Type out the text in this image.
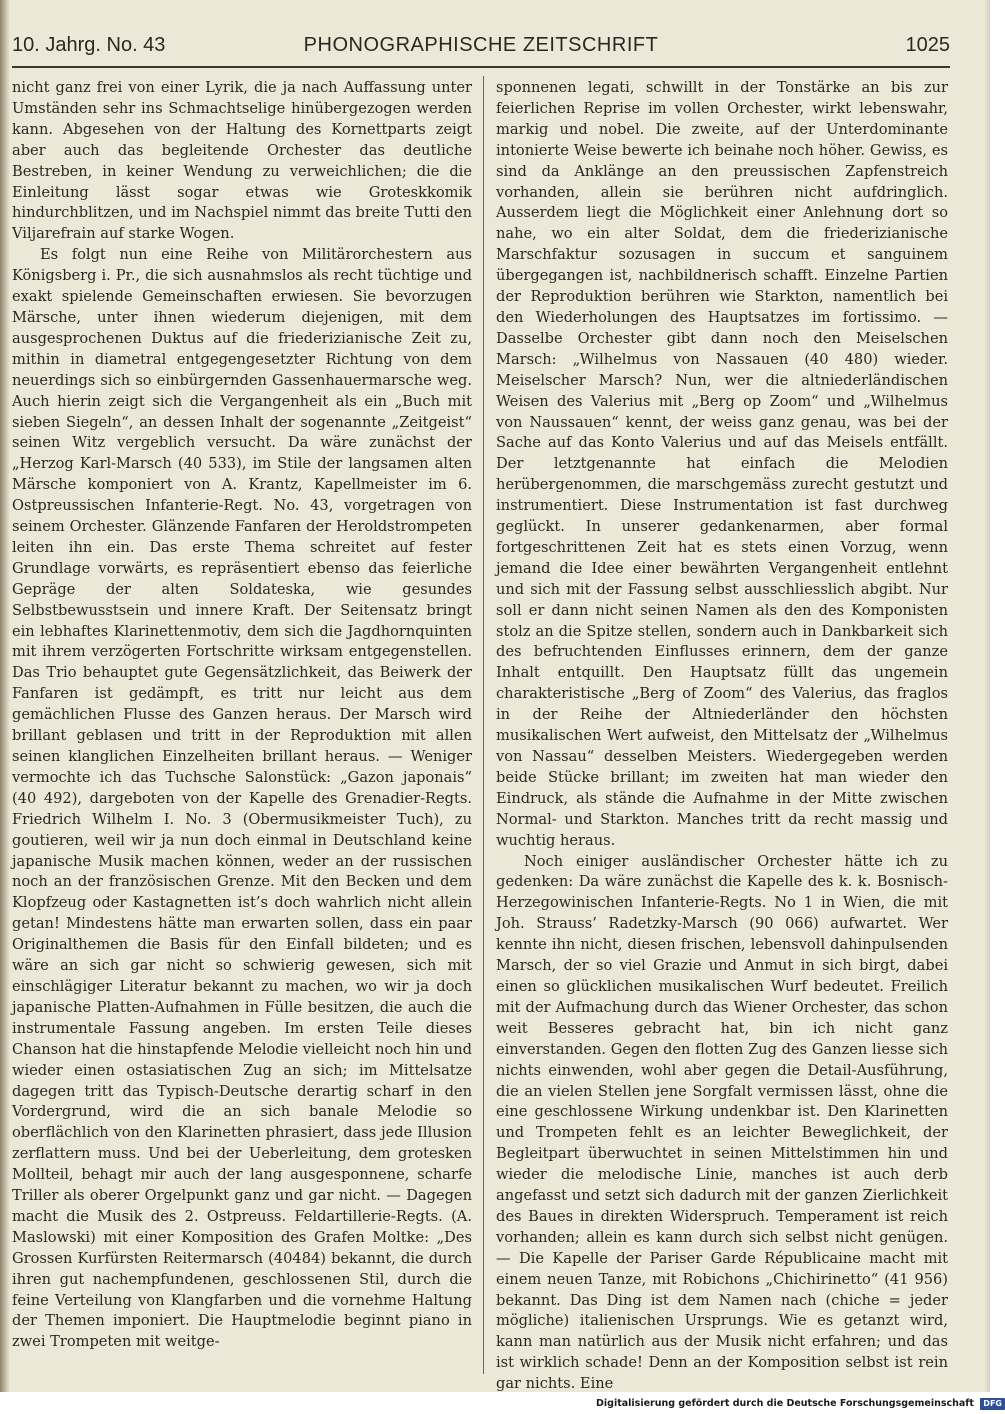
10. Jahrg. No. 43	PHONOGRAPHISCHE ZEITSCHRIFT	1025

nicht ganz frei von einer Lyrik, die ja nach Auffassung unter Umständen sehr ins Schmachtselige hinübergezogen werden kann. Abgesehen von der Haltung des Kornettparts zeigt aber auch das begleitende Orchester das deutliche Bestreben, in keiner Wendung zu verweichlichen; die die Einleitung lässt sogar etwas wie Groteskkomik hindurchblitzen, und im Nachspiel nimmt das breite Tutti den Viljarefrain auf starke Wogen.

Es folgt nun eine Reihe von Militärorchestern aus Königsberg i. Pr., die sich ausnahmslos als recht tüchtige und exakt spielende Gemeinschaften erwiesen. Sie bevorzugen Märsche, unter ihnen wiederum diejenigen, mit dem ausgesprochenen Duktus auf die friederizianische Zeit zu, mithin in diametral entgegengesetzter Richtung von dem neuerdings sich so einbürgernden Gassenhauermarsche weg. Auch hierin zeigt sich die Vergangenheit als ein „Buch mit sieben Siegeln“, an dessen Inhalt der sogenannte „Zeitgeist“ seinen Witz vergeblich versucht. Da wäre zunächst der „Herzog Karl-Marsch (40 533), im Stile der langsamen alten Märsche komponiert von A. Krantz, Kapellmeister im 6. Ostpreussischen Infanterie-Regt. No. 43, vorgetragen von seinem Orchester. Glänzende Fanfaren der Heroldstrompeten leiten ihn ein. Das erste Thema schreitet auf fester Grundlage vorwärts, es repräsentiert ebenso das feierliche Gepräge der alten Soldateska, wie gesundes Selbstbewusstsein und innere Kraft. Der Seitensatz bringt ein lebhaftes Klarinettenmotiv, dem sich die Jagdhornquinten mit ihrem verzögerten Fortschritte wirksam entgegenstellen. Das Trio behauptet gute Gegensätzlichkeit, das Beiwerk der Fanfaren ist gedämpft, es tritt nur leicht aus dem gemächlichen Flusse des Ganzen heraus. Der Marsch wird brillant geblasen und tritt in der Reproduktion mit allen seinen klanglichen Einzelheiten brillant heraus. — Weniger vermochte ich das Tuchsche Salonstück: „Gazon japonais“ (40 492), dargeboten von der Kapelle des Grenadier-Regts. Friedrich Wilhelm I. No. 3 (Obermusikmeister Tuch), zu goutieren, weil wir ja nun doch einmal in Deutschland keine japanische Musik machen können, weder an der russischen noch an der französischen Grenze. Mit den Becken und dem Klopfzeug oder Kastagnetten ist’s doch wahrlich nicht allein getan! Mindestens hätte man erwarten sollen, dass ein paar Originalthemen die Basis für den Einfall bildeten; und es wäre an sich gar nicht so schwierig gewesen, sich mit einschlägiger Literatur bekannt zu machen, wo wir ja doch japanische Platten-Aufnahmen in Fülle besitzen, die auch die instrumentale Fassung angeben. Im ersten Teile dieses Chanson hat die hinstapfende Melodie vielleicht noch hin und wieder einen ostasiatischen Zug an sich; im Mittelsatze dagegen tritt das Typisch-Deutsche derartig scharf in den Vordergrund, wird die an sich banale Melodie so oberflächlich von den Klarinetten phrasiert, dass jede Illusion zerflattern muss. Und bei der Ueberleitung, dem grotesken Mollteil, behagt mir auch der lang ausgesponnene, scharfe Triller als oberer Orgelpunkt ganz und gar nicht. — Dagegen macht die Musik des 2. Ostpreuss. Feldartillerie-Regts. (A. Maslowski) mit einer Komposition des Grafen Moltke: „Des Grossen Kurfürsten Reitermarsch (40484) bekannt, die durch ihren gut nachempfundenen, geschlossenen Stil, durch die feine Verteilung von Klangfarben und die vornehme Haltung der Themen imponiert. Die Hauptmelodie beginnt piano in zwei Trompeten mit weitge-

sponnenen legati, schwillt in der Tonstärke an bis zur feierlichen Reprise im vollen Orchester, wirkt lebenswahr, markig und nobel. Die zweite, auf der Unterdominante intonierte Weise bewerte ich beinahe noch höher. Gewiss, es sind da Anklänge an den preussischen Zapfenstreich vorhanden, allein sie berühren nicht aufdringlich. Ausserdem liegt die Möglichkeit einer Anlehnung dort so nahe, wo ein alter Soldat, dem die friederizianische Marschfaktur sozusagen in succum et sanguinem übergegangen ist, nachbildnerisch schafft. Einzelne Partien der Reproduktion berühren wie Starkton, namentlich bei den Wiederholungen des Hauptsatzes im fortissimo. — Dasselbe Orchester gibt dann noch den Meiselschen Marsch: „Wilhelmus von Nassauen (40 480) wieder. Meiselscher Marsch? Nun, wer die altniederländischen Weisen des Valerius mit „Berg op Zoom“ und „Wilhelmus von Naussauen“ kennt, der weiss ganz genau, was bei der Sache auf das Konto Valerius und auf das Meisels entfällt. Der letztgenannte hat einfach die Melodien herübergenommen, die marschgemäss zurecht gestutzt und instrumentiert. Diese Instrumentation ist fast durchweg geglückt. In unserer gedankenarmen, aber formal fortgeschrittenen Zeit hat es stets einen Vorzug, wenn jemand die Idee einer bewährten Vergangenheit entlehnt und sich mit der Fassung selbst ausschliesslich abgibt. Nur soll er dann nicht seinen Namen als den des Komponisten stolz an die Spitze stellen, sondern auch in Dankbarkeit sich des befruchtenden Einflusses erinnern, dem der ganze Inhalt entquillt. Den Hauptsatz füllt das ungemein charakteristische „Berg of Zoom“ des Valerius, das fraglos in der Reihe der Altniederländer den höchsten musikalischen Wert aufweist, den Mittelsatz der „Wilhelmus von Nassau“ desselben Meisters. Wiedergegeben werden beide Stücke brillant; im zweiten hat man wieder den Eindruck, als stände die Aufnahme in der Mitte zwischen Normal- und Starkton. Manches tritt da recht massig und wuchtig heraus.

Noch einiger ausländischer Orchester hätte ich zu gedenken: Da wäre zunächst die Kapelle des k. k. Bosnisch-Herzegowinischen Infanterie-Regts. No 1 in Wien, die mit Joh. Strauss’ Radetzky-Marsch (90 066) aufwartet. Wer kennte ihn nicht, diesen frischen, lebensvoll dahinpulsenden Marsch, der so viel Grazie und Anmut in sich birgt, dabei einen so glücklichen musikalischen Wurf bedeutet. Freilich mit der Aufmachung durch das Wiener Orchester, das schon weit Besseres gebracht hat, bin ich nicht ganz einverstanden. Gegen den flotten Zug des Ganzen liesse sich nichts einwenden, wohl aber gegen die Detail-Ausführung, die an vielen Stellen jene Sorgfalt vermissen lässt, ohne die eine geschlossene Wirkung undenkbar ist. Den Klarinetten und Trompeten fehlt es an leichter Beweglichkeit, der Begleitpart überwuchtet in seinen Mittelstimmen hin und wieder die melodische Linie, manches ist auch derb angefasst und setzt sich dadurch mit der ganzen Zierlichkeit des Baues in direkten Widerspruch. Temperament ist reich vorhanden; allein es kann durch sich selbst nicht genügen. — Die Kapelle der Pariser Garde Républicaine macht mit einem neuen Tanze, mit Robichons „Chichirinetto“ (41 956) bekannt. Das Ding ist dem Namen nach (chiche = jeder mögliche) italienischen Ursprungs. Wie es getanzt wird, kann man natürlich aus der Musik nicht erfahren; und das ist wirklich schade! Denn an der Komposition selbst ist rein gar nichts. Eine

Digitalisierung gefördert durch die Deutsche Forschungsgemeinschaft DFG
